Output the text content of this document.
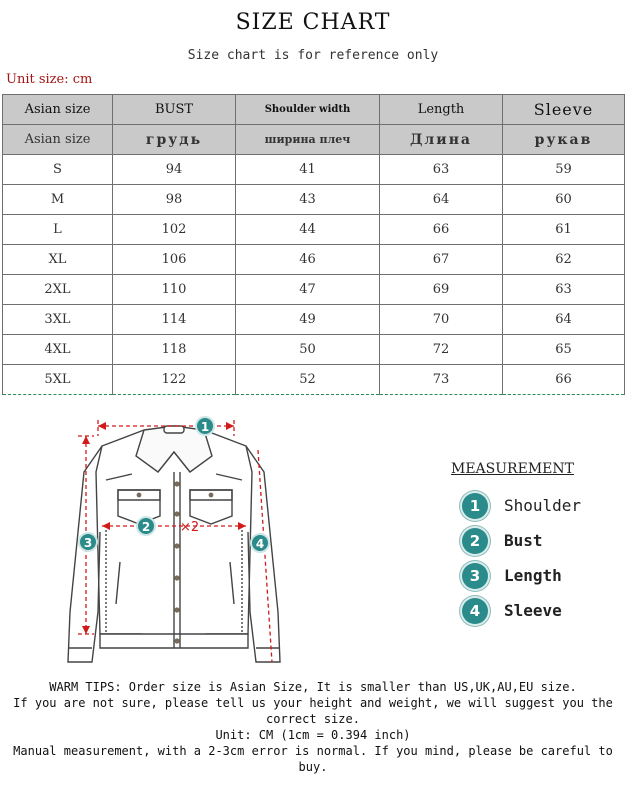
SIZE CHART
Size chart is for reference only
Unit size: cm
Asian size	BUST	Shoulder width	Length	Sleeve
Asian size	грудь	ширина плеч	Длина	рукав
S	94	41	63	59
M	98	43	64	60
L	102	44	66	61
XL	106	46	67	62
2XL	110	47	69	63
3XL	114	49	70	64
4XL	118	50	72	65
5XL	122	52	73	66
1
2 ×2
3	4
MEASUREMENT
1	Shoulder
2	Bust
3	Length
4	Sleeve
WARM TIPS: Order size is Asian Size, It is smaller than US,UK,AU,EU size.
If you are not sure, please tell us your height and weight, we will suggest you the correct size.
Unit: CM (1cm = 0.394 inch)
Manual measurement, with a 2-3cm error is normal. If you mind, please be careful to buy.
